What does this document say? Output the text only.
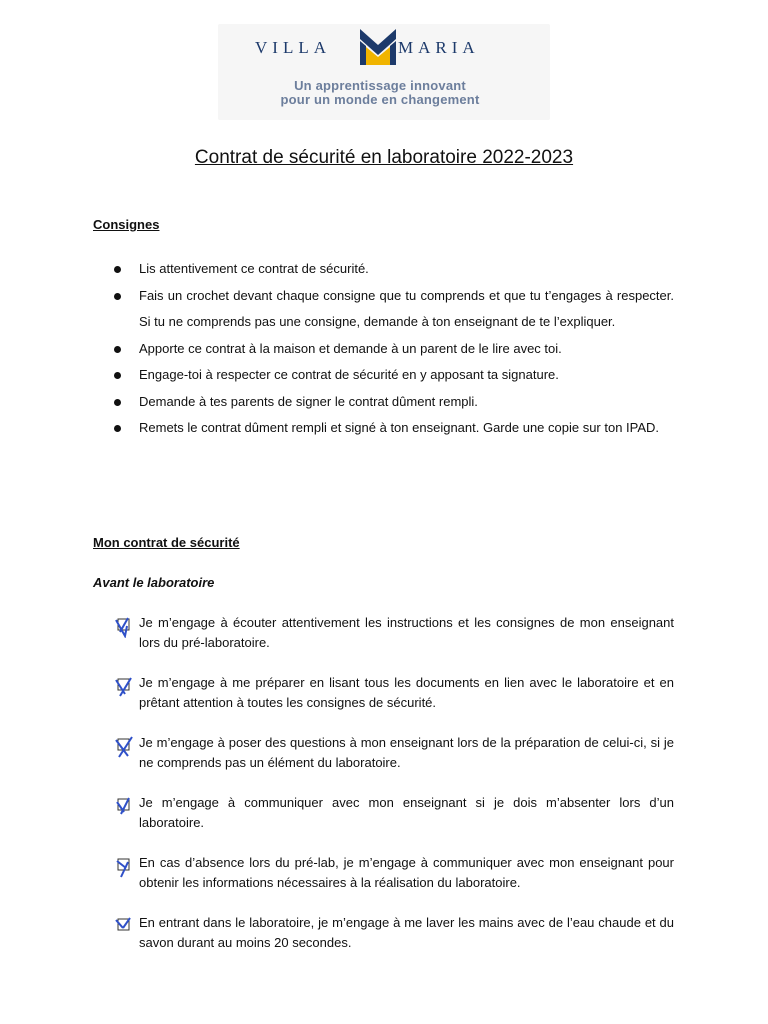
VILLA	MARIA
Un apprentissage innovant
pour un monde en changement
Contrat de sécurité en laboratoire 2022-2023
Consignes
Lis attentivement ce contrat de sécurité.
Fais un crochet devant chaque consigne que tu comprends et que tu t’engages à respecter. Si tu ne comprends pas une consigne, demande à ton enseignant de te l’expliquer.
Apporte ce contrat à la maison et demande à un parent de le lire avec toi.
Engage-toi à respecter ce contrat de sécurité en y apposant ta signature.
Demande à tes parents de signer le contrat dûment rempli.
Remets le contrat dûment rempli et signé à ton enseignant. Garde une copie sur ton IPAD.
Mon contrat de sécurité
Avant le laboratoire
Je m’engage à écouter attentivement les instructions et les consignes de mon enseignant lors du pré-laboratoire.
Je m’engage à me préparer en lisant tous les documents en lien avec le laboratoire et en prêtant attention à toutes les consignes de sécurité.
Je m’engage à poser des questions à mon enseignant lors de la préparation de celui-ci, si je ne comprends pas un élément du laboratoire.
Je m’engage à communiquer avec mon enseignant si je dois m’absenter lors d’un laboratoire.
En cas d’absence lors du pré-lab, je m’engage à communiquer avec mon enseignant pour obtenir les informations nécessaires à la réalisation du laboratoire.
En entrant dans le laboratoire, je m’engage à me laver les mains avec de l’eau chaude et du savon durant au moins 20 secondes.
